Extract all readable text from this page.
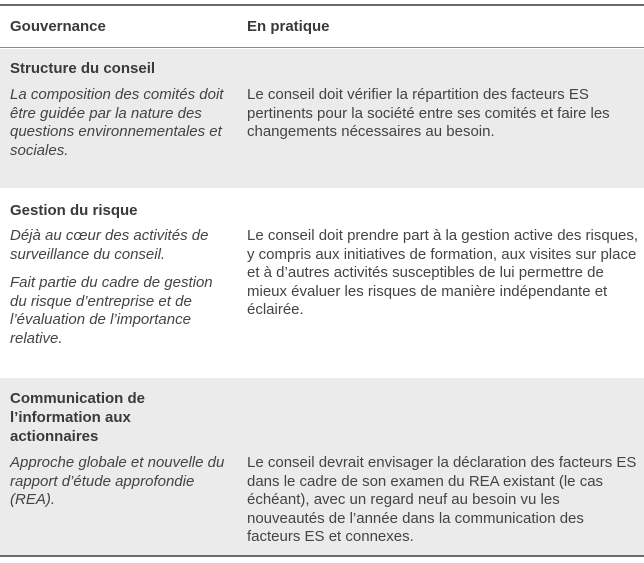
Gouvernance	En pratique
Structure du conseil
La composition des comités doit être guidée par la nature des questions environnementales et sociales.
Le conseil doit vérifier la répartition des facteurs ES pertinents pour la société entre ses comités et faire les changements nécessaires au besoin.
Gestion du risque
Déjà au cœur des activités de surveillance du conseil.
Fait partie du cadre de gestion du risque d’entreprise et de l’évaluation de l’importance relative.
Le conseil doit prendre part à la gestion active des risques, y compris aux initiatives de formation, aux visites sur place et à d’autres activités susceptibles de lui permettre de mieux évaluer les risques de manière indépendante et éclairée.
Communication de l’information aux actionnaires
Approche globale et nouvelle du rapport d’étude approfondie (REA).
Le conseil devrait envisager la déclaration des facteurs ES dans le cadre de son examen du REA existant (le cas échéant), avec un regard neuf au besoin vu les nouveautés de l’année dans la communication des facteurs ES et connexes.
